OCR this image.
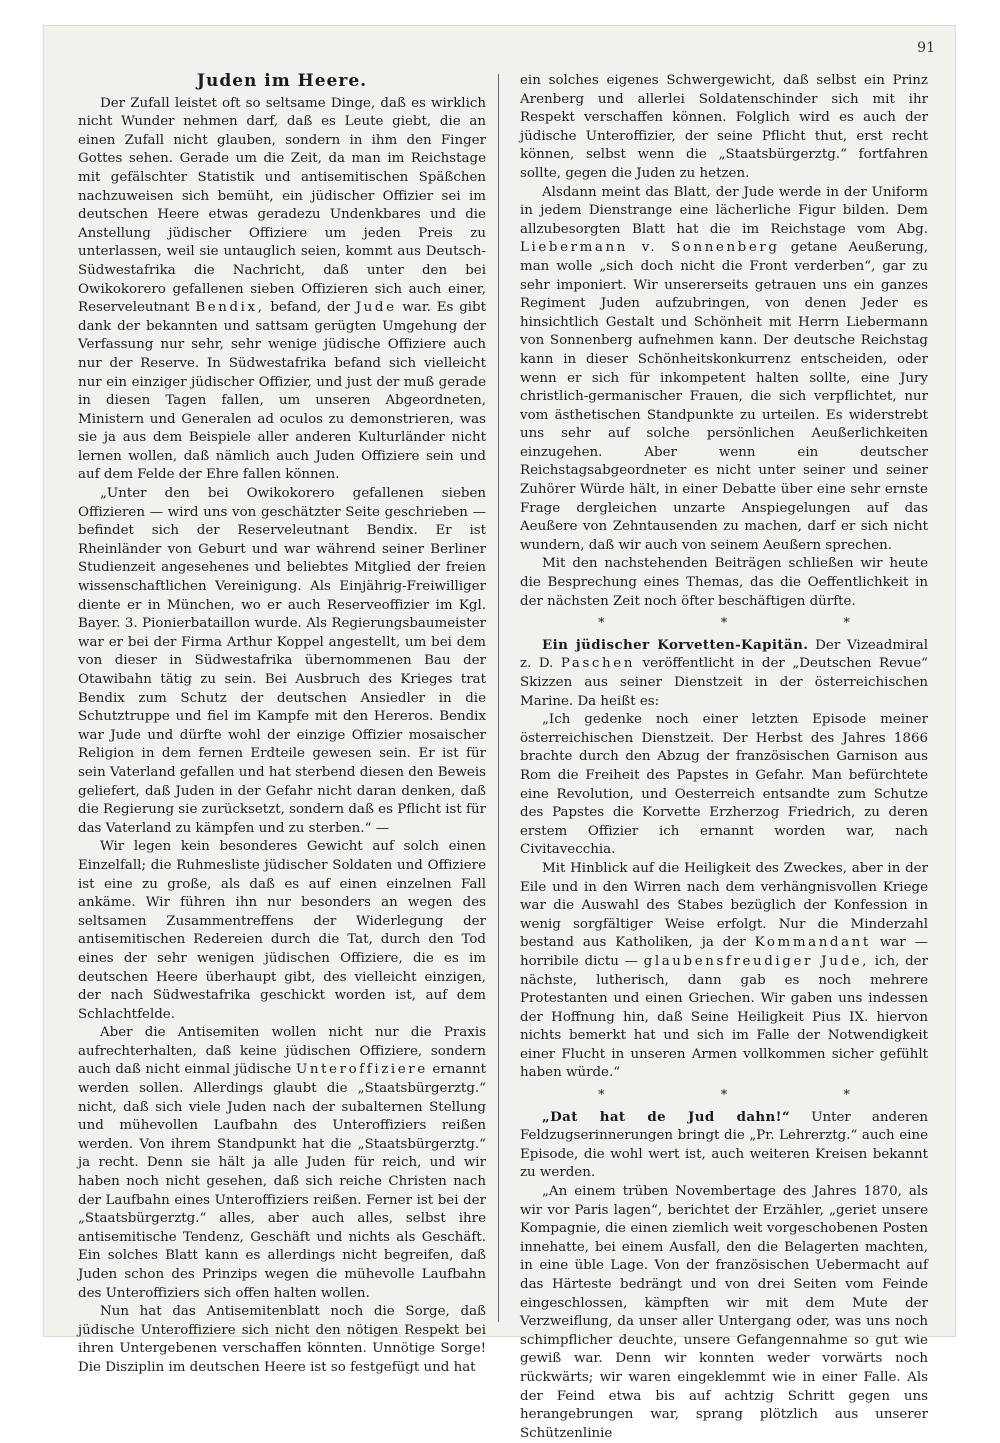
91
Juden im Heere.

Der Zufall leistet oft so seltsame Dinge, daß es wirklich nicht Wunder nehmen darf, daß es Leute giebt, die an einen Zufall nicht glauben, sondern in ihm den Finger Gottes sehen. Gerade um die Zeit, da man im Reichstage mit gefälschter Statistik und antisemitischen Späßchen nachzuweisen sich bemüht, ein jüdischer Offizier sei im deutschen Heere etwas geradezu Undenkbares und die Anstellung jüdischer Offiziere um jeden Preis zu unterlassen, weil sie untauglich seien, kommt aus Deutsch-Südwestafrika die Nachricht, daß unter den bei Owikokorero gefallenen sieben Offizieren sich auch einer, Reserveleutnant Bendix, befand, der Jude war. Es gibt dank der bekannten und sattsam gerügten Umgehung der Verfassung nur sehr, sehr wenige jüdische Offiziere auch nur der Reserve. In Südwestafrika befand sich vielleicht nur ein einziger jüdischer Offizier, und just der muß gerade in diesen Tagen fallen, um unseren Abgeordneten, Ministern und Generalen ad oculos zu demonstrieren, was sie ja aus dem Beispiele aller anderen Kulturländer nicht lernen wollen, daß nämlich auch Juden Offiziere sein und auf dem Felde der Ehre fallen können.

„Unter den bei Owikokorero gefallenen sieben Offizieren — wird uns von geschätzter Seite geschrieben — befindet sich der Reserveleutnant Bendix. Er ist Rheinländer von Geburt und war während seiner Berliner Studienzeit angesehenes und beliebtes Mitglied der freien wissenschaftlichen Vereinigung. Als Einjährig-Freiwilliger diente er in München, wo er auch Reserveoffizier im Kgl. Bayer. 3. Pionierbataillon wurde. Als Regierungsbaumeister war er bei der Firma Arthur Koppel angestellt, um bei dem von dieser in Südwestafrika übernommenen Bau der Otawibahn tätig zu sein. Bei Ausbruch des Krieges trat Bendix zum Schutz der deutschen Ansiedler in die Schutztruppe und fiel im Kampfe mit den Hereros. Bendix war Jude und dürfte wohl der einzige Offizier mosaischer Religion in dem fernen Erdteile gewesen sein. Er ist für sein Vaterland gefallen und hat sterbend diesen den Beweis geliefert, daß Juden in der Gefahr nicht daran denken, daß die Regierung sie zurücksetzt, sondern daß es Pflicht ist für das Vaterland zu kämpfen und zu sterben.“ —

Wir legen kein besonderes Gewicht auf solch einen Einzelfall; die Ruhmesliste jüdischer Soldaten und Offiziere ist eine zu große, als daß es auf einen einzelnen Fall ankäme. Wir führen ihn nur besonders an wegen des seltsamen Zusammentreffens der Widerlegung der antisemitischen Redereien durch die Tat, durch den Tod eines der sehr wenigen jüdischen Offiziere, die es im deutschen Heere überhaupt gibt, des vielleicht einzigen, der nach Südwestafrika geschickt worden ist, auf dem Schlachtfelde.

Aber die Antisemiten wollen nicht nur die Praxis aufrechterhalten, daß keine jüdischen Offiziere, sondern auch daß nicht einmal jüdische Unteroffiziere ernannt werden sollen. Allerdings glaubt die „Staatsbürgerztg.“ nicht, daß sich viele Juden nach der subalternen Stellung und mühevollen Laufbahn des Unteroffiziers reißen werden. Von ihrem Standpunkt hat die „Staatsbürgerztg.“ ja recht. Denn sie hält ja alle Juden für reich, und wir haben noch nicht gesehen, daß sich reiche Christen nach der Laufbahn eines Unteroffiziers reißen. Ferner ist bei der „Staatsbürgerztg.“ alles, aber auch alles, selbst ihre antisemitische Tendenz, Geschäft und nichts als Geschäft. Ein solches Blatt kann es allerdings nicht begreifen, daß Juden schon des Prinzips wegen die mühevolle Laufbahn des Unteroffiziers sich offen halten wollen.

Nun hat das Antisemitenblatt noch die Sorge, daß jüdische Unteroffiziere sich nicht den nötigen Respekt bei ihren Untergebenen verschaffen könnten. Unnötige Sorge! Die Disziplin im deutschen Heere ist so festgefügt und hat

ein solches eigenes Schwergewicht, daß selbst ein Prinz Arenberg und allerlei Soldatenschinder sich mit ihr Respekt verschaffen können. Folglich wird es auch der jüdische Unteroffizier, der seine Pflicht thut, erst recht können, selbst wenn die „Staatsbürgerztg.“ fortfahren sollte, gegen die Juden zu hetzen.

Alsdann meint das Blatt, der Jude werde in der Uniform in jedem Dienstrange eine lächerliche Figur bilden. Dem allzubesorgten Blatt hat die im Reichstage vom Abg. Liebermann v. Sonnenberg getane Aeußerung, man wolle „sich doch nicht die Front verderben“, gar zu sehr imponiert. Wir unsererseits getrauen uns ein ganzes Regiment Juden aufzubringen, von denen Jeder es hinsichtlich Gestalt und Schönheit mit Herrn Liebermann von Sonnenberg aufnehmen kann. Der deutsche Reichstag kann in dieser Schönheitskonkurrenz entscheiden, oder wenn er sich für inkompetent halten sollte, eine Jury christlich-germanischer Frauen, die sich verpflichtet, nur vom ästhetischen Standpunkte zu urteilen. Es widerstrebt uns sehr auf solche persönlichen Aeußerlichkeiten einzugehen. Aber wenn ein deutscher Reichstagsabgeordneter es nicht unter seiner und seiner Zuhörer Würde hält, in einer Debatte über eine sehr ernste Frage dergleichen unzarte Anspiegelungen auf das Aeußere von Zehntausenden zu machen, darf er sich nicht wundern, daß wir auch von seinem Aeußern sprechen.

Mit den nachstehenden Beiträgen schließen wir heute die Besprechung eines Themas, das die Oeffentlichkeit in der nächsten Zeit noch öfter beschäftigen dürfte.

* * *

Ein jüdischer Korvetten-Kapitän. Der Vizeadmiral z. D. Paschen veröffentlicht in der „Deutschen Revue“ Skizzen aus seiner Dienstzeit in der österreichischen Marine. Da heißt es:

„Ich gedenke noch einer letzten Episode meiner österreichischen Dienstzeit. Der Herbst des Jahres 1866 brachte durch den Abzug der französischen Garnison aus Rom die Freiheit des Papstes in Gefahr. Man befürchtete eine Revolution, und Oesterreich entsandte zum Schutze des Papstes die Korvette Erzherzog Friedrich, zu deren erstem Offizier ich ernannt worden war, nach Civitavecchia.

Mit Hinblick auf die Heiligkeit des Zweckes, aber in der Eile und in den Wirren nach dem verhängnisvollen Kriege war die Auswahl des Stabes bezüglich der Konfession in wenig sorgfältiger Weise erfolgt. Nur die Minderzahl bestand aus Katholiken, ja der Kommandant war — horribile dictu — glaubensfreudiger Jude, ich, der nächste, lutherisch, dann gab es noch mehrere Protestanten und einen Griechen. Wir gaben uns indessen der Hoffnung hin, daß Seine Heiligkeit Pius IX. hiervon nichts bemerkt hat und sich im Falle der Notwendigkeit einer Flucht in unseren Armen vollkommen sicher gefühlt haben würde.“

* * *

„Dat hat de Jud dahn!“ Unter anderen Feldzugserinnerungen bringt die „Pr. Lehrerztg.“ auch eine Episode, die wohl wert ist, auch weiteren Kreisen bekannt zu werden.

„An einem trüben Novembertage des Jahres 1870, als wir vor Paris lagen“, berichtet der Erzähler, „geriet unsere Kompagnie, die einen ziemlich weit vorgeschobenen Posten innehatte, bei einem Ausfall, den die Belagerten machten, in eine üble Lage. Von der französischen Uebermacht auf das Härteste bedrängt und von drei Seiten vom Feinde eingeschlossen, kämpften wir mit dem Mute der Verzweiflung, da unser aller Untergang oder, was uns noch schimpflicher deuchte, unsere Gefangennahme so gut wie gewiß war. Denn wir konnten weder vorwärts noch rückwärts; wir waren eingeklemmt wie in einer Falle. Als der Feind etwa bis auf achtzig Schritt gegen uns herangebrungen war, sprang plötzlich aus unserer Schützenlinie
